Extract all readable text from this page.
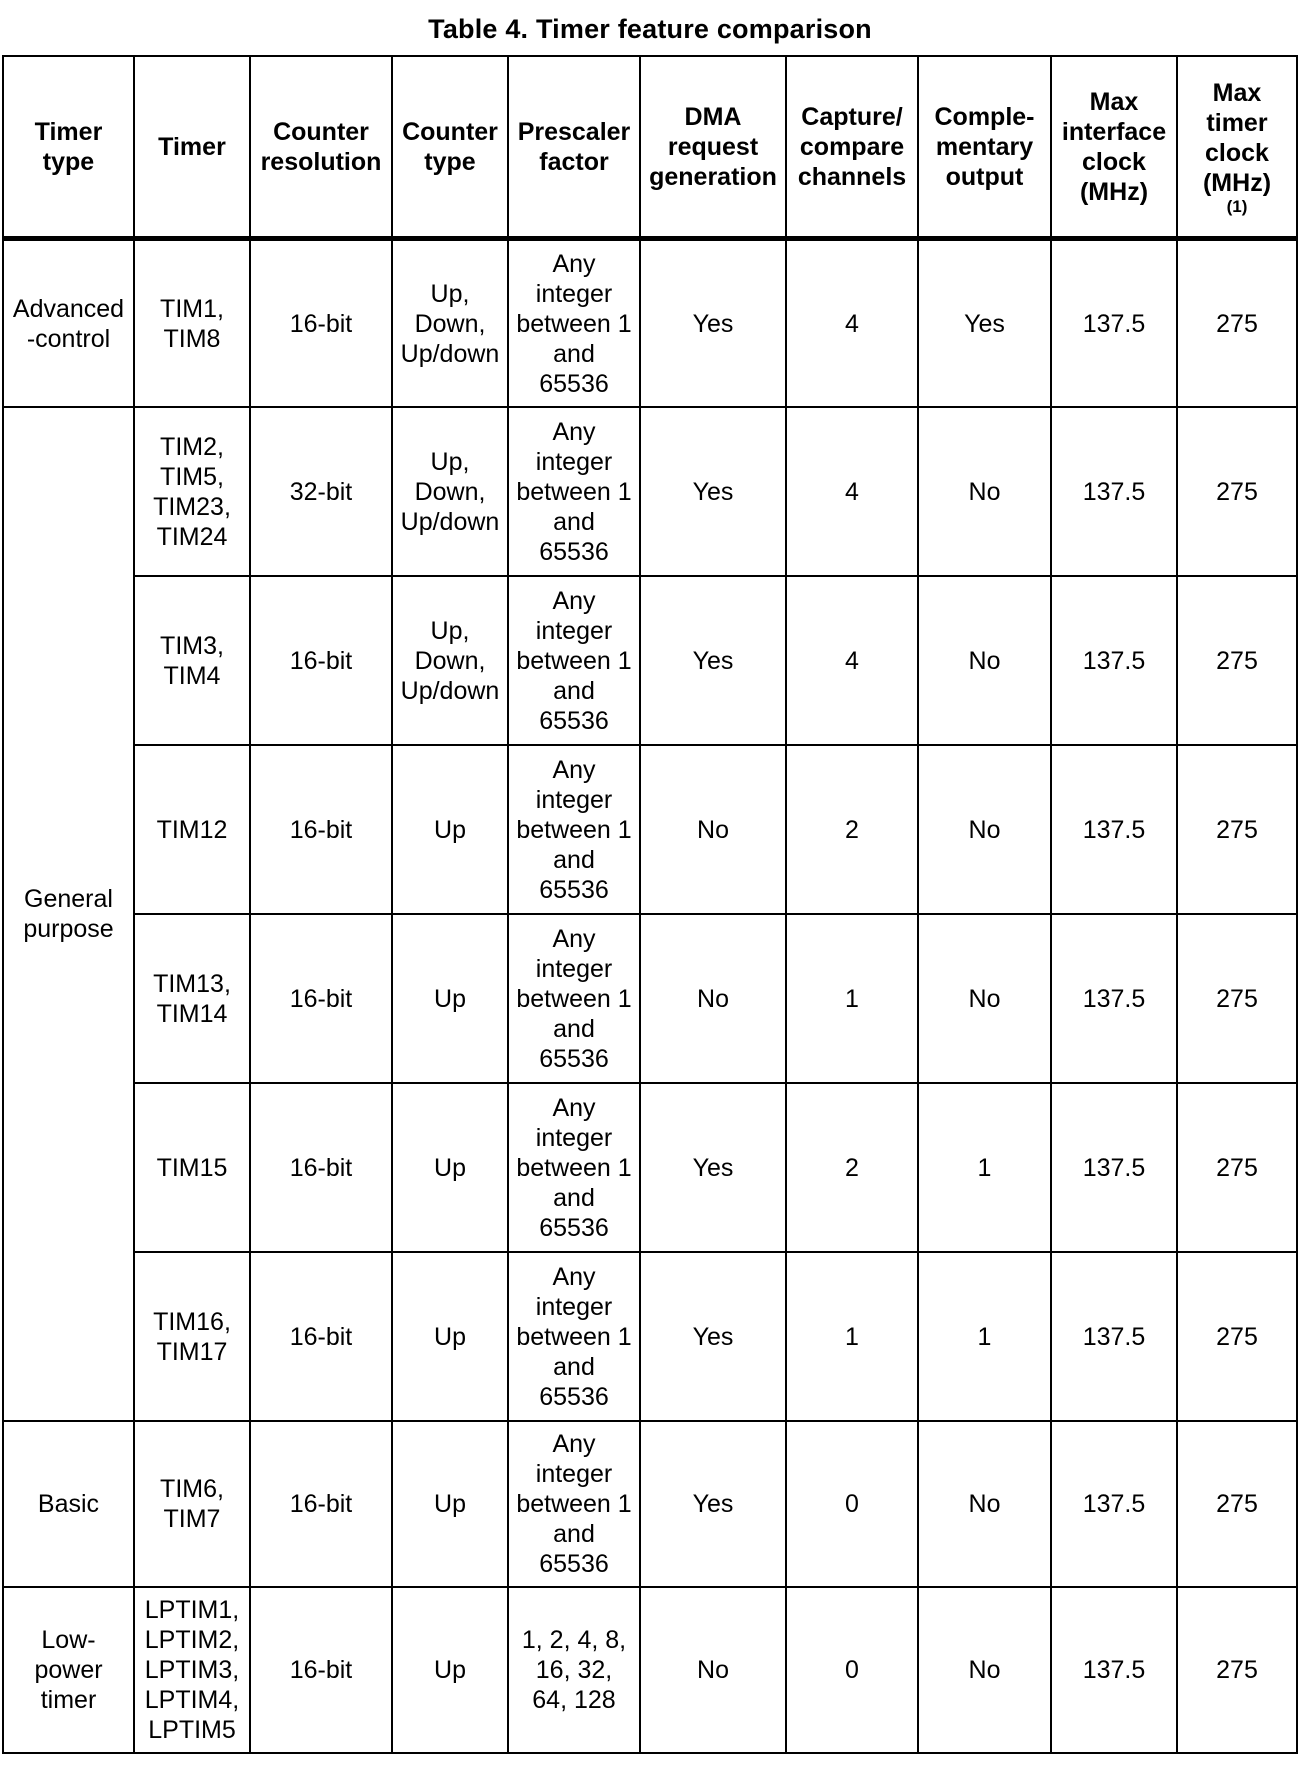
Table 4. Timer feature comparison
Timer
type	Timer	Counter
resolution	Counter
type	Prescaler
factor	DMA
request
generation	Capture/
compare
channels	Comple-
mentary
output	Max
interface
clock
(MHz)	Max
timer
clock
(MHz)
(1)

Advanced
-control	TIM1,
TIM8	16-bit	Up,
Down,
Up/down	Any
integer
between 1
and
65536	Yes	4	Yes	137.5	275
General
purpose	TIM2,
TIM5,
TIM23,
TIM24	32-bit	Up,
Down,
Up/down	Any
integer
between 1
and
65536	Yes	4	No	137.5	275
	TIM3,
TIM4	16-bit	Up,
Down,
Up/down	Any
integer
between 1
and
65536	Yes	4	No	137.5	275
	TIM12	16-bit	Up	Any
integer
between 1
and
65536	No	2	No	137.5	275
	TIM13,
TIM14	16-bit	Up	Any
integer
between 1
and
65536	No	1	No	137.5	275
	TIM15	16-bit	Up	Any
integer
between 1
and
65536	Yes	2	1	137.5	275
	TIM16,
TIM17	16-bit	Up	Any
integer
between 1
and
65536	Yes	1	1	137.5	275
Basic	TIM6,
TIM7	16-bit	Up	Any
integer
between 1
and
65536	Yes	0	No	137.5	275
Low-
power
timer	LPTIM1,
LPTIM2,
LPTIM3,
LPTIM4,
LPTIM5	16-bit	Up	1, 2, 4, 8,
16, 32,
64, 128	No	0	No	137.5	275
